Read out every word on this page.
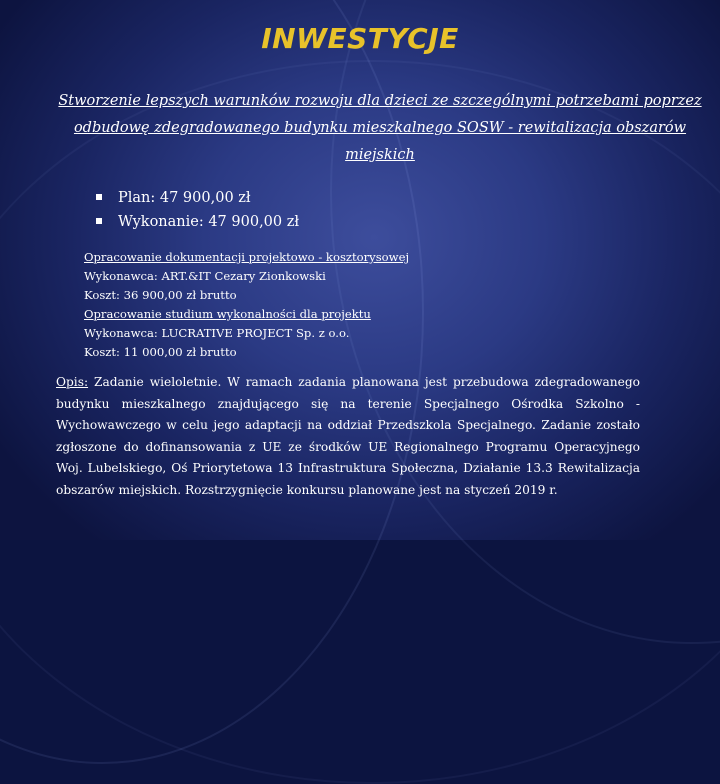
INWESTYCJE
Stworzenie lepszych warunków rozwoju dla dzieci ze szczególnymi potrzebami poprzez odbudowę zdegradowanego budynku mieszkalnego SOSW - rewitalizacja obszarów miejskich
Plan: 47 900,00 zł
Wykonanie: 47 900,00 zł
Opracowanie dokumentacji projektowo - kosztorysowej
Wykonawca: ART.&IT Cezary Zionkowski
Koszt: 36 900,00 zł brutto
Opracowanie studium wykonalności dla projektu
Wykonawca: LUCRATIVE PROJECT Sp. z o.o.
Koszt: 11 000,00 zł brutto
Opis: Zadanie wieloletnie. W ramach zadania planowana jest przebudowa zdegradowanego budynku mieszkalnego znajdującego się na terenie Specjalnego Ośrodka Szkolno - Wychowawczego w celu jego adaptacji na oddział Przedszkola Specjalnego. Zadanie zostało zgłoszone do dofinansowania z UE ze środków UE Regionalnego Programu Operacyjnego Woj. Lubelskiego, Oś Priorytetowa 13 Infrastruktura Społeczna, Działanie 13.3 Rewitalizacja obszarów miejskich. Rozstrzygnięcie konkursu planowane jest na styczeń 2019 r.
